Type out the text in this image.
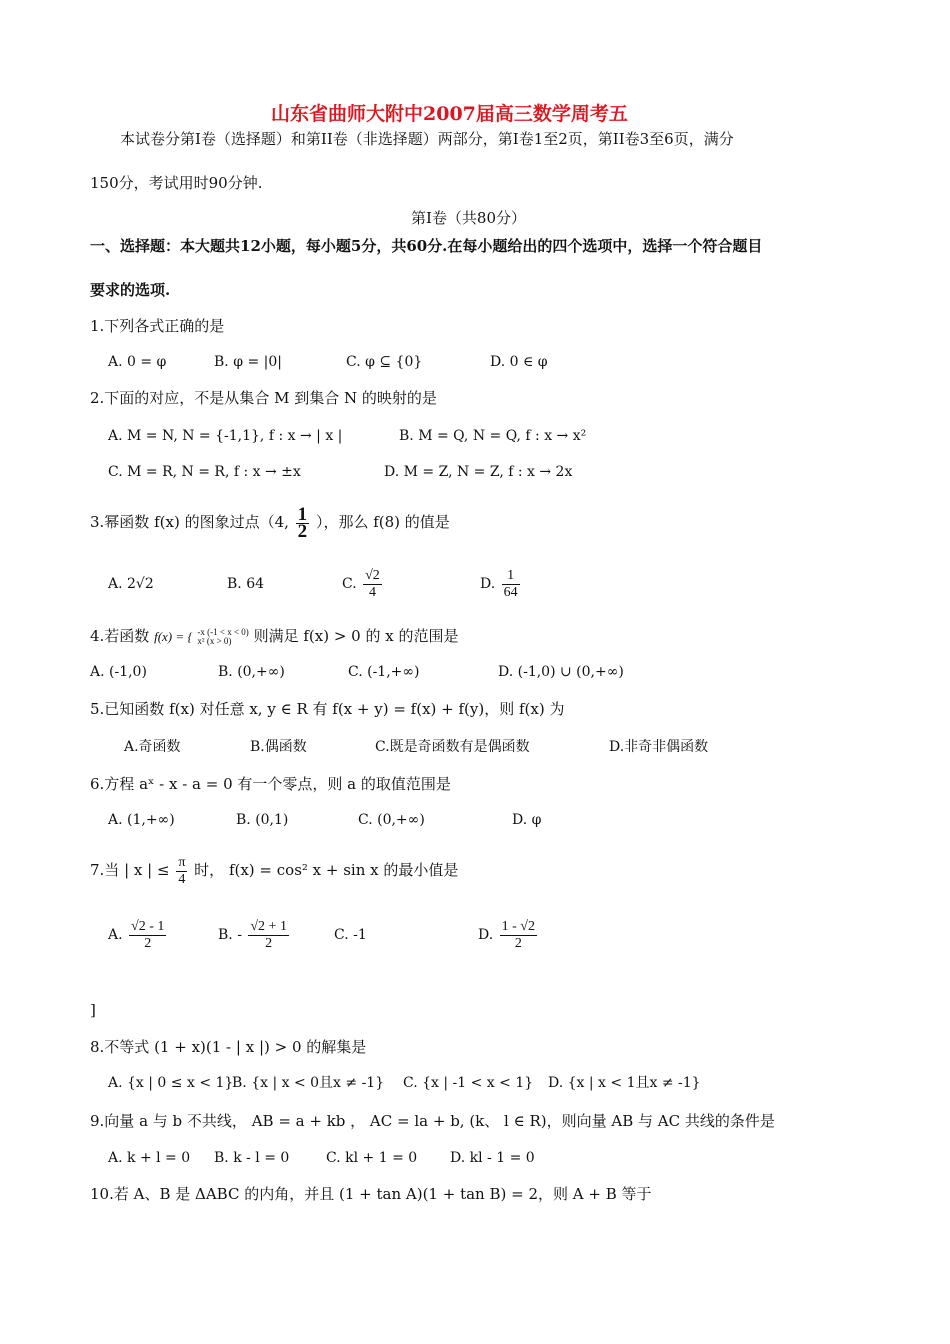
山东省曲师大附中2007届高三数学周考五
本试卷分第I卷（选择题）和第II卷（非选择题）两部分，第I卷1至2页，第II卷3至6页，满分
150分，考试用时90分钟.
第I卷（共80分）
一、选择题：本大题共12小题，每小题5分，共60分.在每小题给出的四个选项中，选择一个符合题目
要求的选项.
1.下列各式正确的是
A. 0 = φ	B. φ = |0|	C. φ ⊆ {0}	D. 0 ∈ φ
2.下面的对应，不是从集合 M 到集合 N 的映射的是
A. M = N, N = {-1,1}, f : x → | x |	B. M = Q, N = Q, f : x → x²
C. M = R, N = R, f : x → ±x	D. M = Z, N = Z, f : x → 2x
3.幂函数 f(x) 的图象过点（4, $\frac{1}{2}$ ），那么 f(8) 的值是
A. 2√2	B. 64	C. $\frac{√2}{4}$	D. $\frac{1}{64}$
4.若函数 f(x) = { -x (-1 < x < 0)
x² (x > 0)	则满足 f(x) > 0 的 x 的范围是
A. (-1,0)	B. (0,+∞)	C. (-1,+∞)	D. (-1,0) ∪ (0,+∞)
5.已知函数 f(x) 对任意 x, y ∈ R 有 f(x + y) = f(x) + f(y)，则 f(x) 为
A.奇函数	B.偶函数	C.既是奇函数有是偶函数	D.非奇非偶函数
6.方程 aˣ - x - a = 0 有一个零点，则 a 的取值范围是
A. (1,+∞)	B. (0,1)	C. (0,+∞)	D. φ
7.当 | x | ≤ $\frac{\pi}{4}$ 时， f(x) = cos² x + sin x 的最小值是
A. $\frac{√2 - 1}{2}$	B. - $\frac{√2 + 1}{2}$	C. -1	D. $\frac{1 - √2}{2}$
]
8.不等式 (1 + x)(1 - | x |) > 0 的解集是
A. {x | 0 ≤ x < 1}
B. {x | x < 0且x ≠ -1} C. {x | -1 < x < 1} D. {x | x < 1且x ≠ -1}
9.向量 a 与 b 不共线， AB = a + kb ， AC = la + b, (k、 l ∈ R)，则向量 AB 与 AC 共线的条件是
A. k + l = 0 B. k - l = 0	C. kl + 1 = 0 D. kl - 1 = 0
10.若 A、B 是 ΔABC 的内角，并且 (1 + tan A)(1 + tan B) = 2，则 A + B 等于
